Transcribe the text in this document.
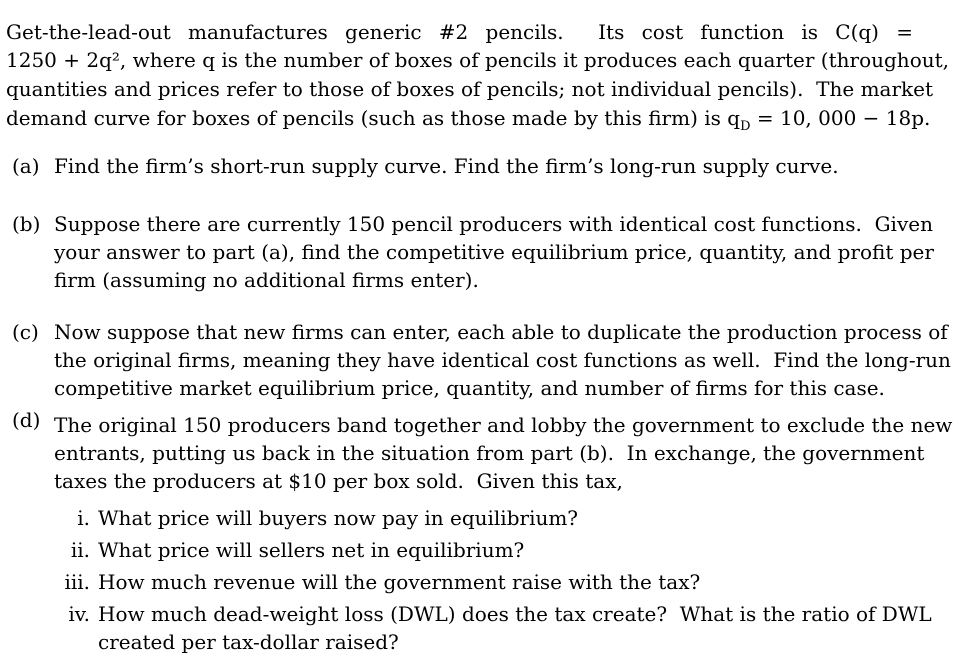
Get-the-lead-out manufactures generic #2 pencils.  Its cost function is C(q) =
1250 + 2q², where q is the number of boxes of pencils it produces each quarter (throughout,
quantities and prices refer to those of boxes of pencils; not individual pencils).  The market
demand curve for boxes of pencils (such as those made by this firm) is $q_D = 10$, 000 − 18p.
(a) Find the firm’s short-run supply curve. Find the firm’s long-run supply curve.
(b) Suppose there are currently 150 pencil producers with identical cost functions.  Given
your answer to part (a), find the competitive equilibrium price, quantity, and profit per
firm (assuming no additional firms enter).
(c) Now suppose that new firms can enter, each able to duplicate the production process of
the original firms, meaning they have identical cost functions as well.  Find the long-run
competitive market equilibrium price, quantity, and number of firms for this case.
(d) The original 150 producers band together and lobby the government to exclude the new
entrants, putting us back in the situation from part (b).  In exchange, the government
taxes the producers at $10 per box sold.  Given this tax,
i. What price will buyers now pay in equilibrium?
ii. What price will sellers net in equilibrium?
iii. How much revenue will the government raise with the tax?
iv. How much dead-weight loss (DWL) does the tax create?  What is the ratio of DWL
created per tax-dollar raised?
